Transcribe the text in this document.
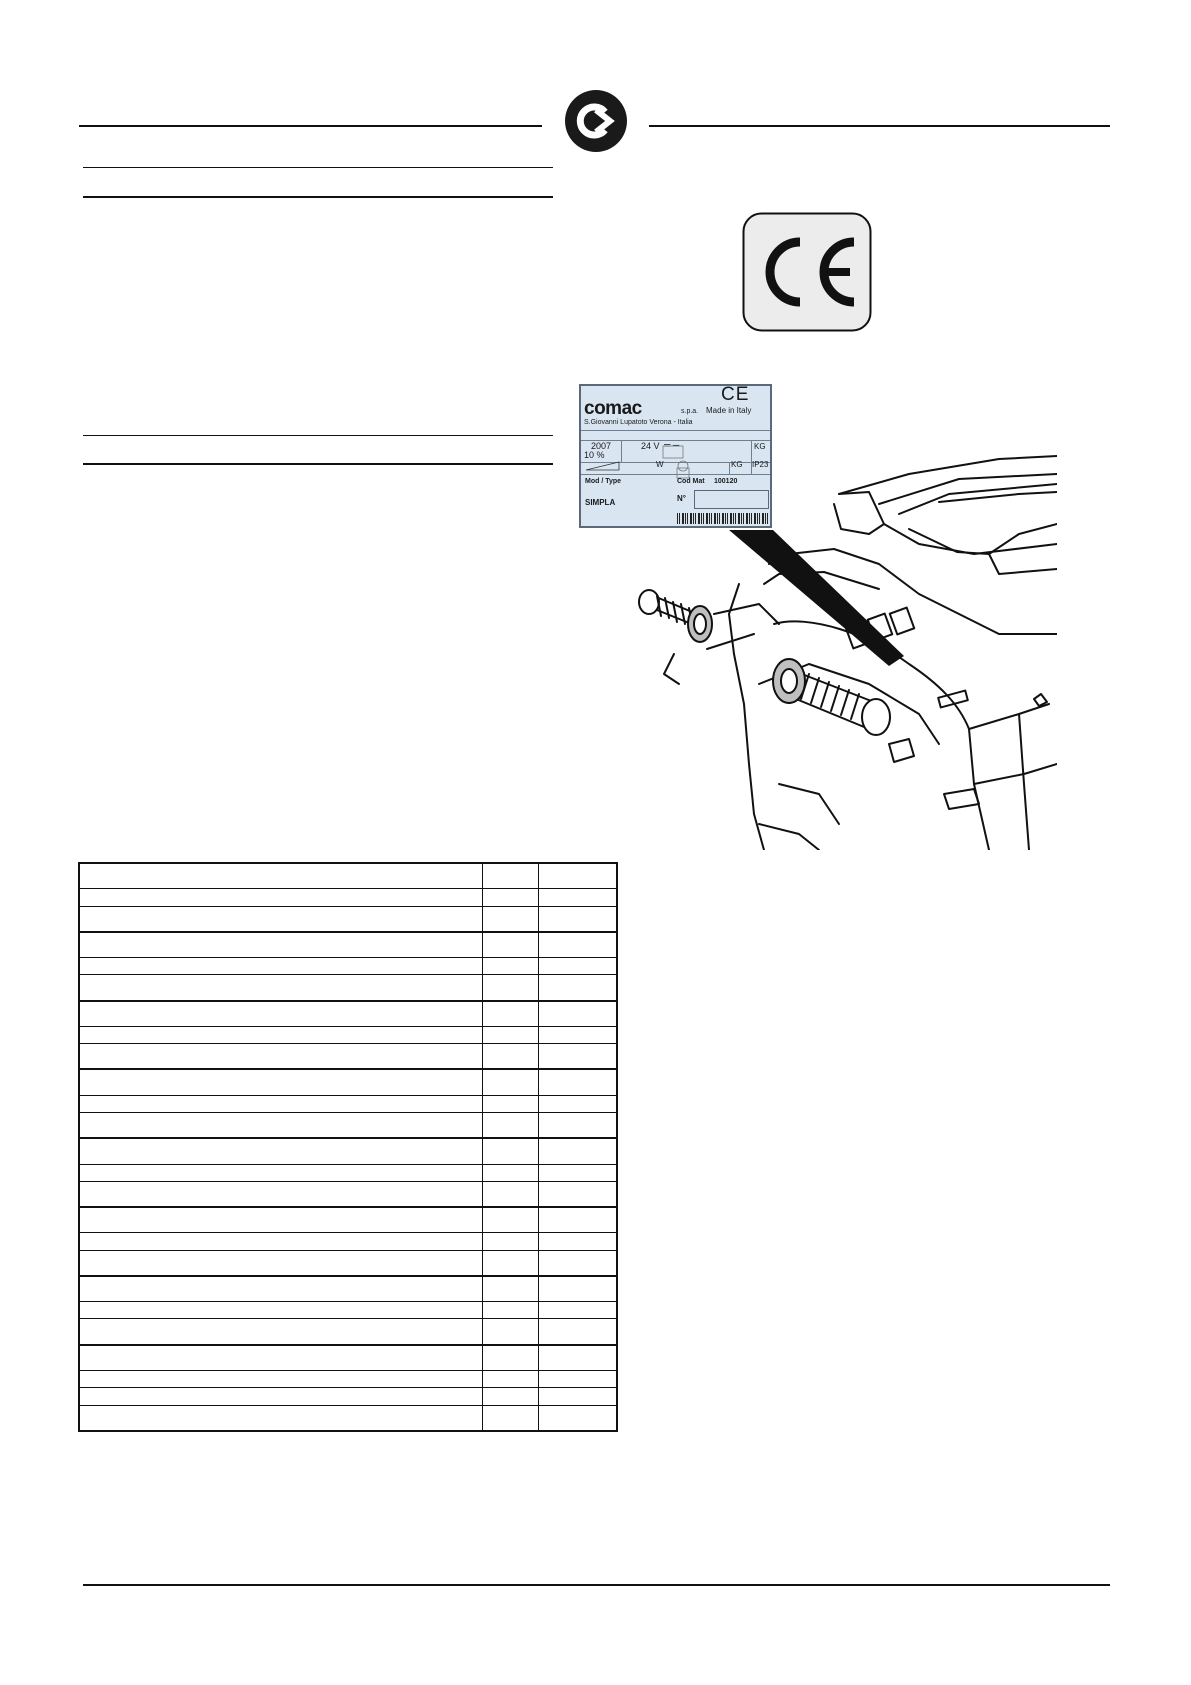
comac	s.p.a. Made in Italy
CE
S.Giovanni Lupatoto Verona - Italia
2007	24 V ═ ─	KG
10 %
W	KG IP23
Mod / Type	Cod Mat 100120
SIMPLA	N°
